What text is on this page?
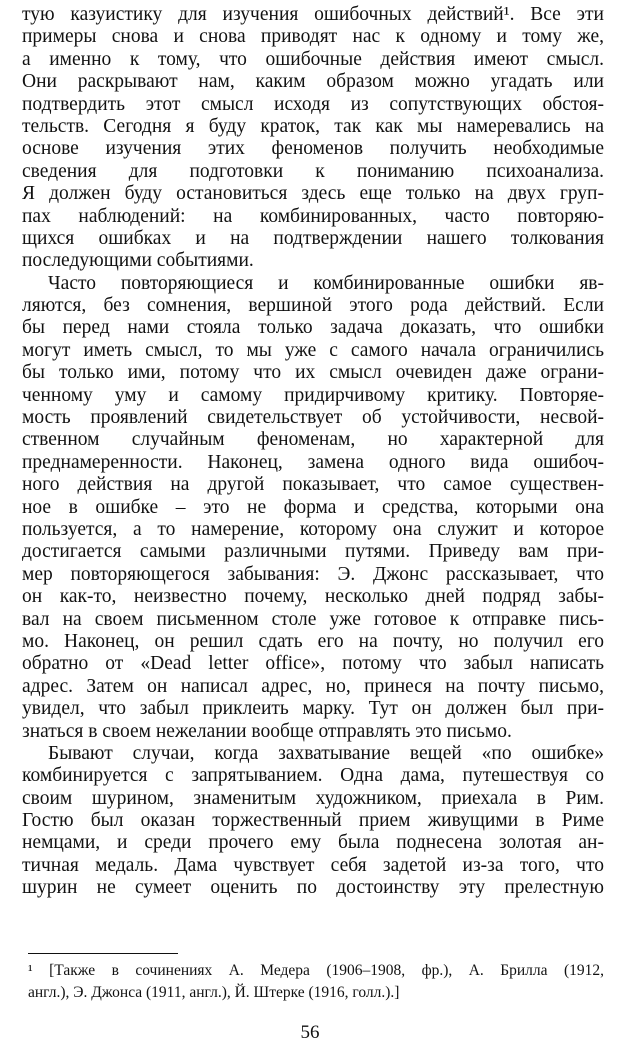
тую казуистику для изучения ошибочных действий¹. Все эти
примеры снова и снова приводят нас к одному и тому же,
а именно к тому, что ошибочные действия имеют смысл.
Они раскрывают нам, каким образом можно угадать или
подтвердить этот смысл исходя из сопутствующих обстоя-
тельств. Сегодня я буду краток, так как мы намеревались на
основе изучения этих феноменов получить необходимые
сведения для подготовки к пониманию психоанализа.
Я должен буду остановиться здесь еще только на двух груп-
пах наблюдений: на комбинированных, часто повторяю-
щихся ошибках и на подтверждении нашего толкования
последующими событиями.
Часто повторяющиеся и комбинированные ошибки яв-
ляются, без сомнения, вершиной этого рода действий. Если
бы перед нами стояла только задача доказать, что ошибки
могут иметь смысл, то мы уже с самого начала ограничились
бы только ими, потому что их смысл очевиден даже ограни-
ченному уму и самому придирчивому критику. Повторяе-
мость проявлений свидетельствует об устойчивости, несвой-
ственном случайным феноменам, но характерной для
преднамеренности. Наконец, замена одного вида ошибоч-
ного действия на другой показывает, что самое существен-
ное в ошибке – это не форма и средства, которыми она
пользуется, а то намерение, которому она служит и которое
достигается самыми различными путями. Приведу вам при-
мер повторяющегося забывания: Э. Джонс рассказывает, что
он как-то, неизвестно почему, несколько дней подряд забы-
вал на своем письменном столе уже готовое к отправке пись-
мо. Наконец, он решил сдать его на почту, но получил его
обратно от «Dead letter office», потому что забыл написать
адрес. Затем он написал адрес, но, принеся на почту письмо,
увидел, что забыл приклеить марку. Тут он должен был при-
знаться в своем нежелании вообще отправлять это письмо.
Бывают случаи, когда захватывание вещей «по ошибке»
комбинируется с запрятыванием. Одна дама, путешествуя со
своим шурином, знаменитым художником, приехала в Рим.
Гостю был оказан торжественный прием живущими в Риме
немцами, и среди прочего ему была поднесена золотая ан-
тичная медаль. Дама чувствует себя задетой из-за того, что
шурин не сумеет оценить по достоинству эту прелестную
¹ [Также в сочинениях А. Медера (1906–1908, фр.), А. Брилла (1912,
англ.), Э. Джонса (1911, англ.), Й. Штерке (1916, голл.).]
56
